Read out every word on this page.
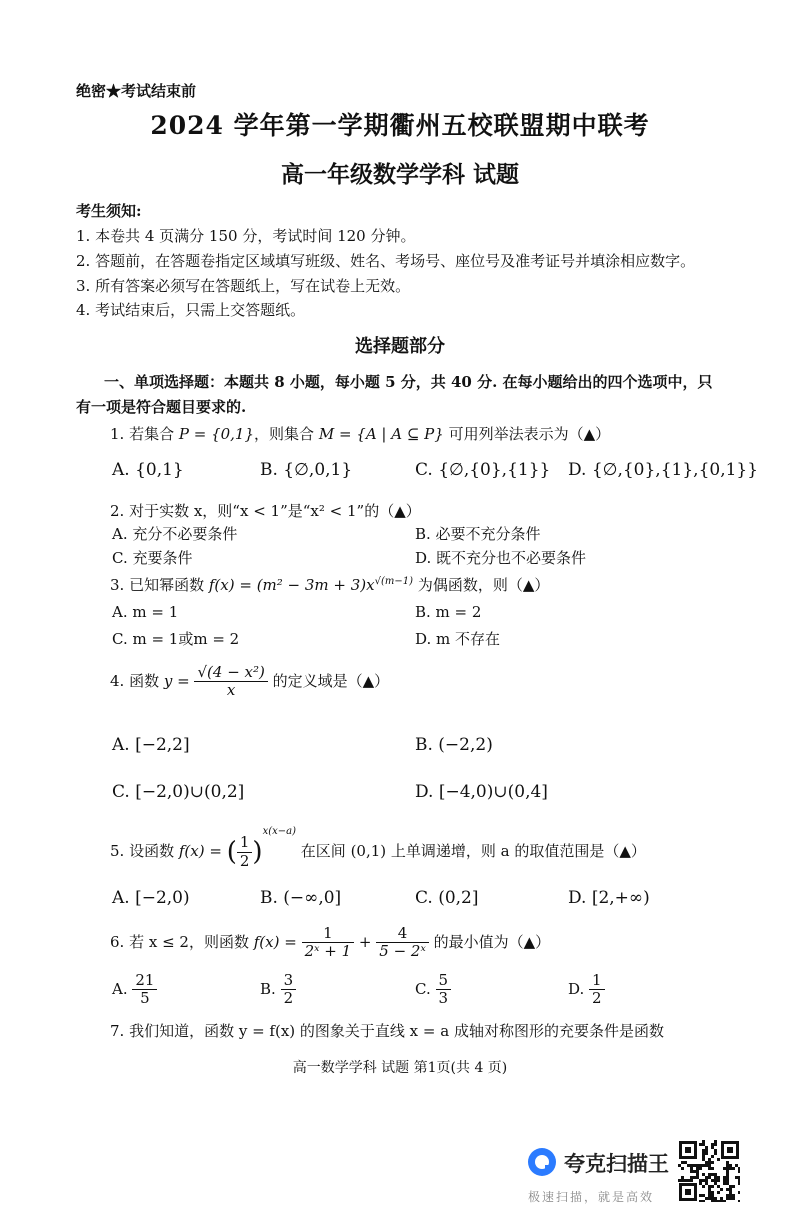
绝密★考试结束前
2024 学年第一学期衢州五校联盟期中联考
高一年级数学学科 试题
考生须知:
1. 本卷共 4 页满分 150 分，考试时间 120 分钟。
2. 答题前，在答题卷指定区域填写班级、姓名、考场号、座位号及准考证号并填涂相应数字。
3. 所有答案必须写在答题纸上，写在试卷上无效。
4. 考试结束后，只需上交答题纸。
选择题部分
一、单项选择题：本题共 8 小题，每小题 5 分，共 40 分. 在每小题给出的四个选项中，只
有一项是符合题目要求的.
1. 若集合 P = {0,1}，则集合 M = {A | A ⊆ P} 可用列举法表示为（▲）
A. {0,1}	B. {∅,0,1}	C. {∅,{0},{1}} D. {∅,{0},{1},{0,1}}
2. 对于实数 x，则“x < 1”是“x² < 1”的（▲）
A. 充分不必要条件	B. 必要不充分条件
C. 充要条件	D. 既不充分也不必要条件
3. 已知幂函数 $f(x) = (m^2 - 3m + 3)x^{√(m-1)}$ 为偶函数，则（▲）
A. m = 1	B. m = 2
C. m = 1或m = 2	D. m 不存在
4. 函数 $y = \frac{\text{√(4 − x²)}}{x}$ 的定义域是（▲）
A. [−2,2]	B. (−2,2)
C. [−2,0)∪(0,2]	D. [−4,0)∪(0,4]
5. 设函数 f(x) = ( $\frac{1}{2} )^{x(x-a)}$ 在区间 (0,1) 上单调递增，则 a 的取值范围是（▲）
A. [−2,0)	B. (−∞,0]	C. (0,2]	D. [2,+∞)
6. 若 x ≤ 2，则函数 $f(x) = \frac{1}{\text{2ˣ + 1}} + \frac{4}{\text{5 − 2ˣ}}$ 的最小值为（▲）
A. $\frac{21}{5}$	B. $\frac{3}{2}$	C. $\frac{5}{3}$	D. $\frac{1}{2}$
7. 我们知道，函数 y = f(x) 的图象关于直线 x = a 成轴对称图形的充要条件是函数
高一数学学科 试题 第1页(共 4 页)
夸克扫描王
极速扫描，就是高效
